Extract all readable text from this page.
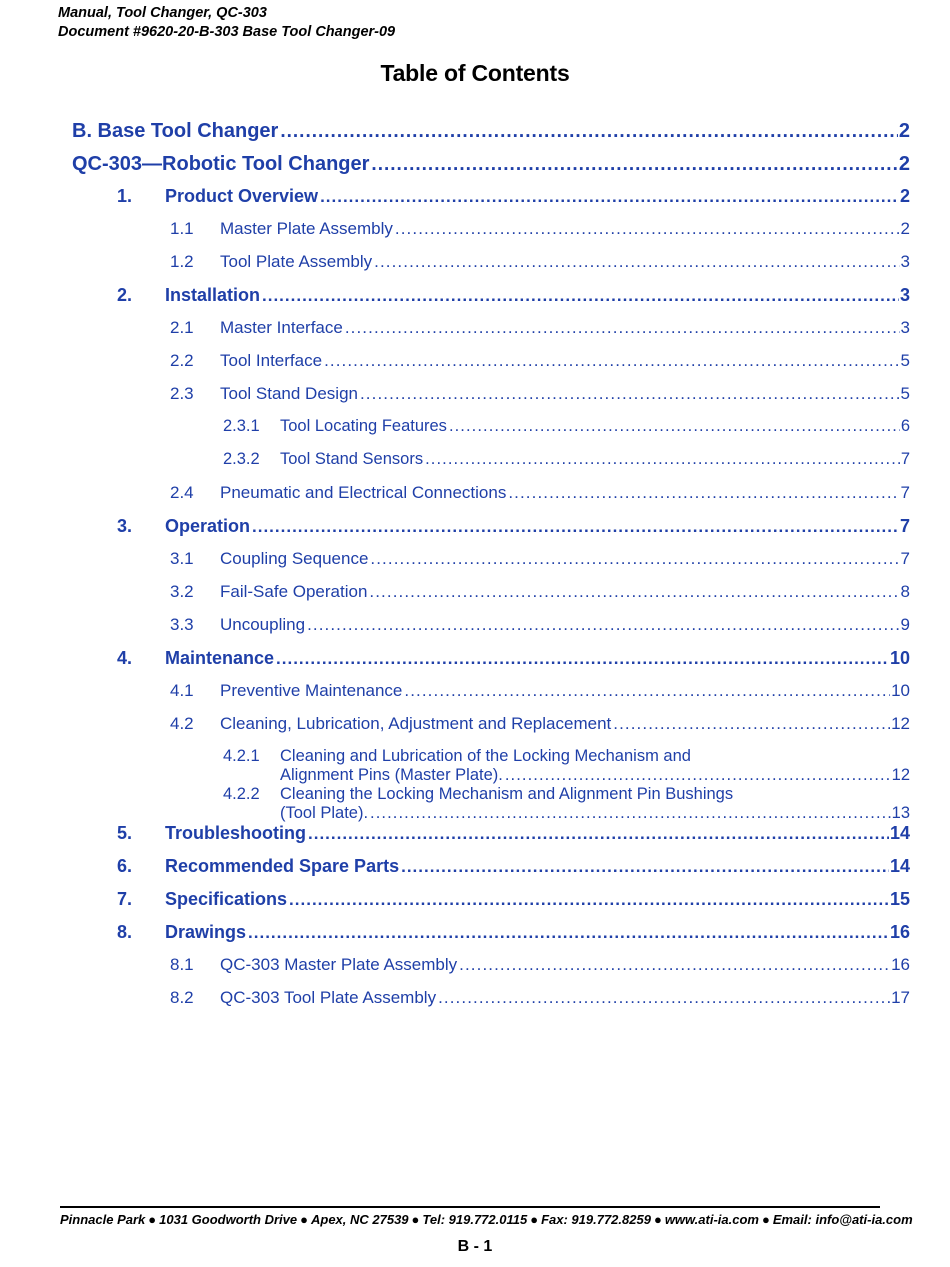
Manual, Tool Changer, QC-303
Document #9620-20-B-303 Base Tool Changer-09
Table of Contents
B. Base Tool Changer .....	2
QC-303—Robotic Tool Changer .....	2
1.	Product Overview .....	2
1.1	Master Plate Assembly .....	2
1.2	Tool Plate Assembly .....	3
2.	Installation .....	3
2.1	Master Interface .....	3
2.2	Tool Interface .....	5
2.3	Tool Stand Design .....	5
2.3.1	Tool Locating Features .....	6
2.3.2	Tool Stand Sensors .....	7
2.4	Pneumatic and Electrical Connections .....	7
3.	Operation .....	7
3.1	Coupling Sequence .....	7
3.2	Fail-Safe Operation .....	8
3.3	Uncoupling .....	9
4.	Maintenance .....	10
4.1	Preventive Maintenance .....	10
4.2	Cleaning, Lubrication, Adjustment and Replacement .....	12
4.2.1	Cleaning and Lubrication of the Locking Mechanism and
Alignment Pins (Master Plate). .....	12
4.2.2	Cleaning the Locking Mechanism and Alignment Pin Bushings
(Tool Plate). .....	13
5.	Troubleshooting .....	14
6.	Recommended Spare Parts .....	14
7.	Specifications .....	15
8.	Drawings .....	16
8.1	QC-303 Master Plate Assembly .....	16
8.2	QC-303 Tool Plate Assembly .....	17
Pinnacle Park ● 1031 Goodworth Drive ● Apex, NC 27539 ● Tel: 919.772.0115 ● Fax: 919.772.8259 ● www.ati-ia.com ● Email: info@ati-ia.com
B - 1
